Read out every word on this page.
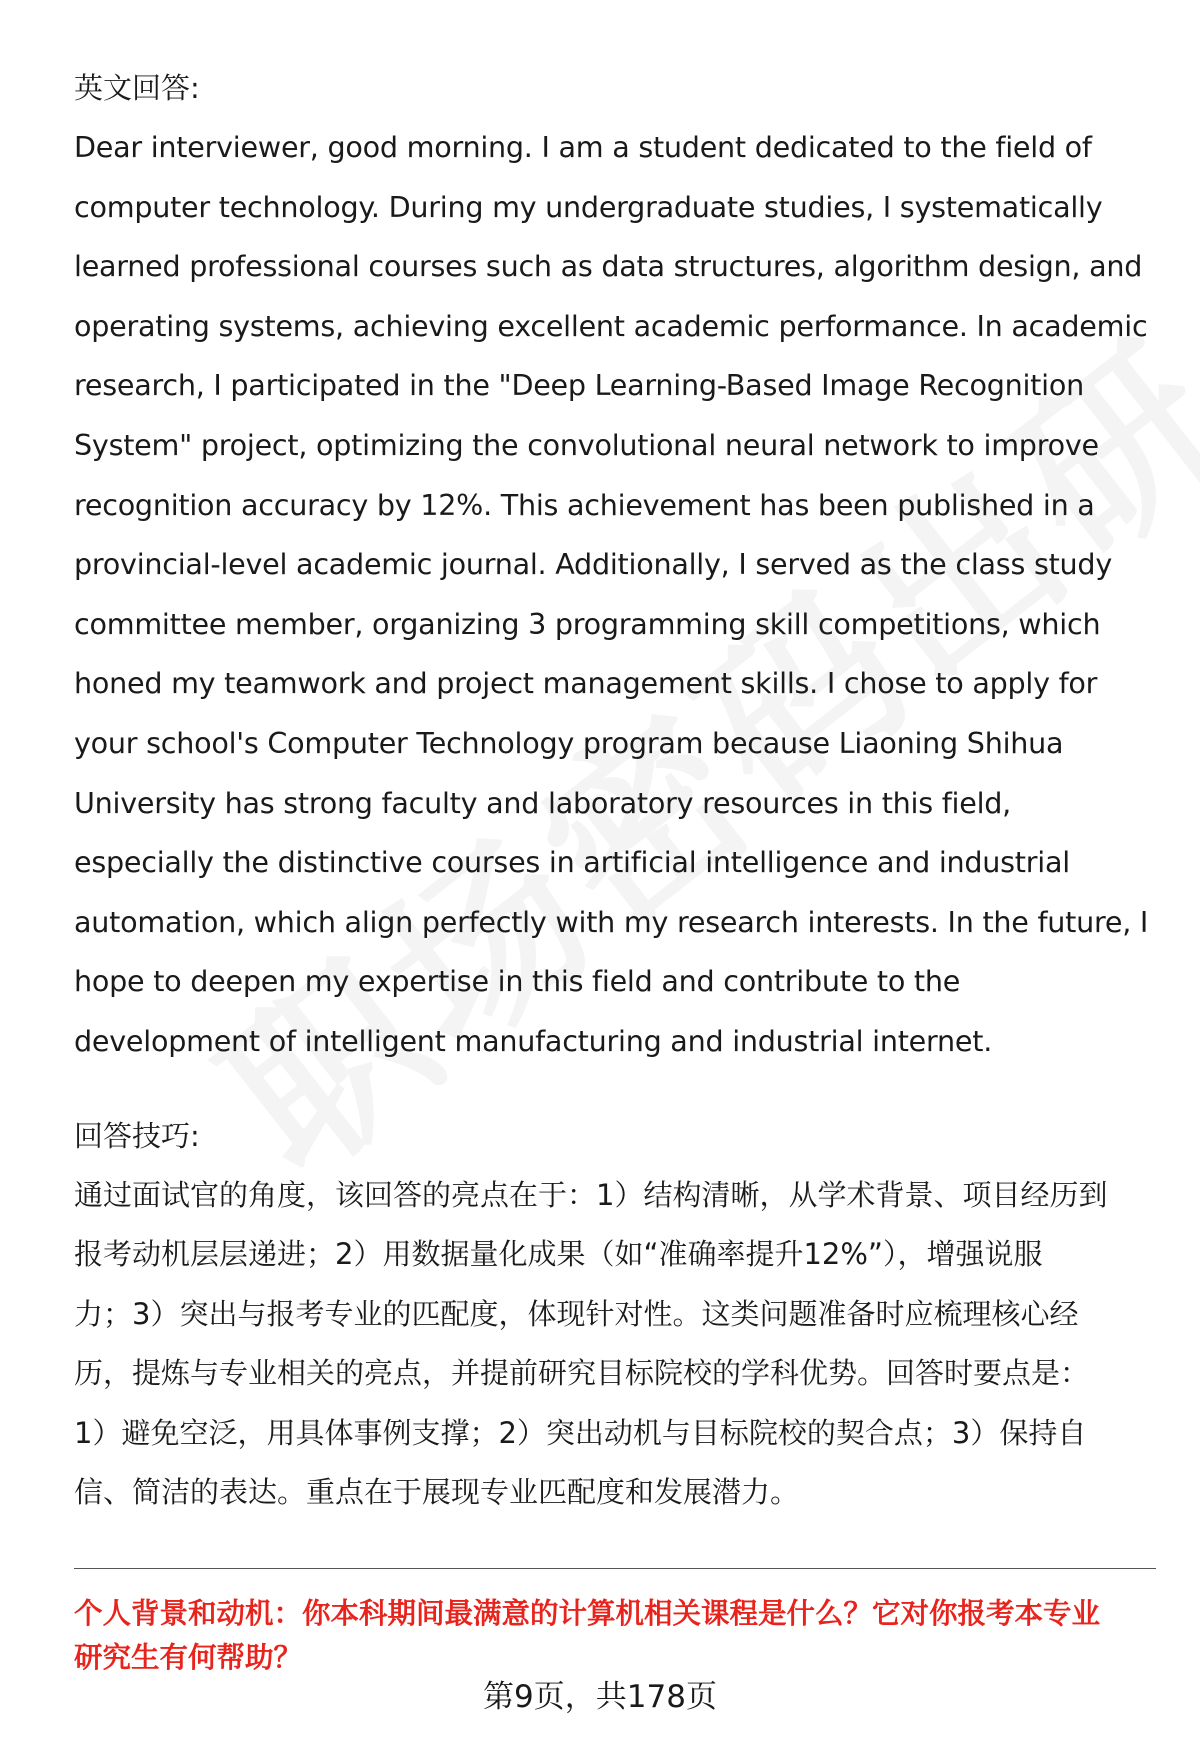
英文回答:

Dear interviewer, good morning. I am a student dedicated to the field of
computer technology. During my undergraduate studies, I systematically
learned professional courses such as data structures, algorithm design, and
operating systems, achieving excellent academic performance. In academic
research, I participated in the "Deep Learning-Based Image Recognition
System" project, optimizing the convolutional neural network to improve
recognition accuracy by 12%. This achievement has been published in a
provincial-level academic journal. Additionally, I served as the class study
committee member, organizing 3 programming skill competitions, which
honed my teamwork and project management skills. I chose to apply for
your school's Computer Technology program because Liaoning Shihua
University has strong faculty and laboratory resources in this field,
especially the distinctive courses in artificial intelligence and industrial
automation, which align perfectly with my research interests. In the future, I
hope to deepen my expertise in this field and contribute to the
development of intelligent manufacturing and industrial internet.

回答技巧:

通过面试官的角度，该回答的亮点在于：1）结构清晰，从学术背景、项目经历到
报考动机层层递进；2）用数据量化成果（如“准确率提升12%”），增强说服
力；3）突出与报考专业的匹配度，体现针对性。这类问题准备时应梳理核心经
历，提炼与专业相关的亮点，并提前研究目标院校的学科优势。回答时要点是：
1）避免空泛，用具体事例支撑；2）突出动机与目标院校的契合点；3）保持自
信、简洁的表达。重点在于展现专业匹配度和发展潜力。

个人背景和动机：你本科期间最满意的计算机相关课程是什么？它对你报考本专业
研究生有何帮助？
第9页，共178页
